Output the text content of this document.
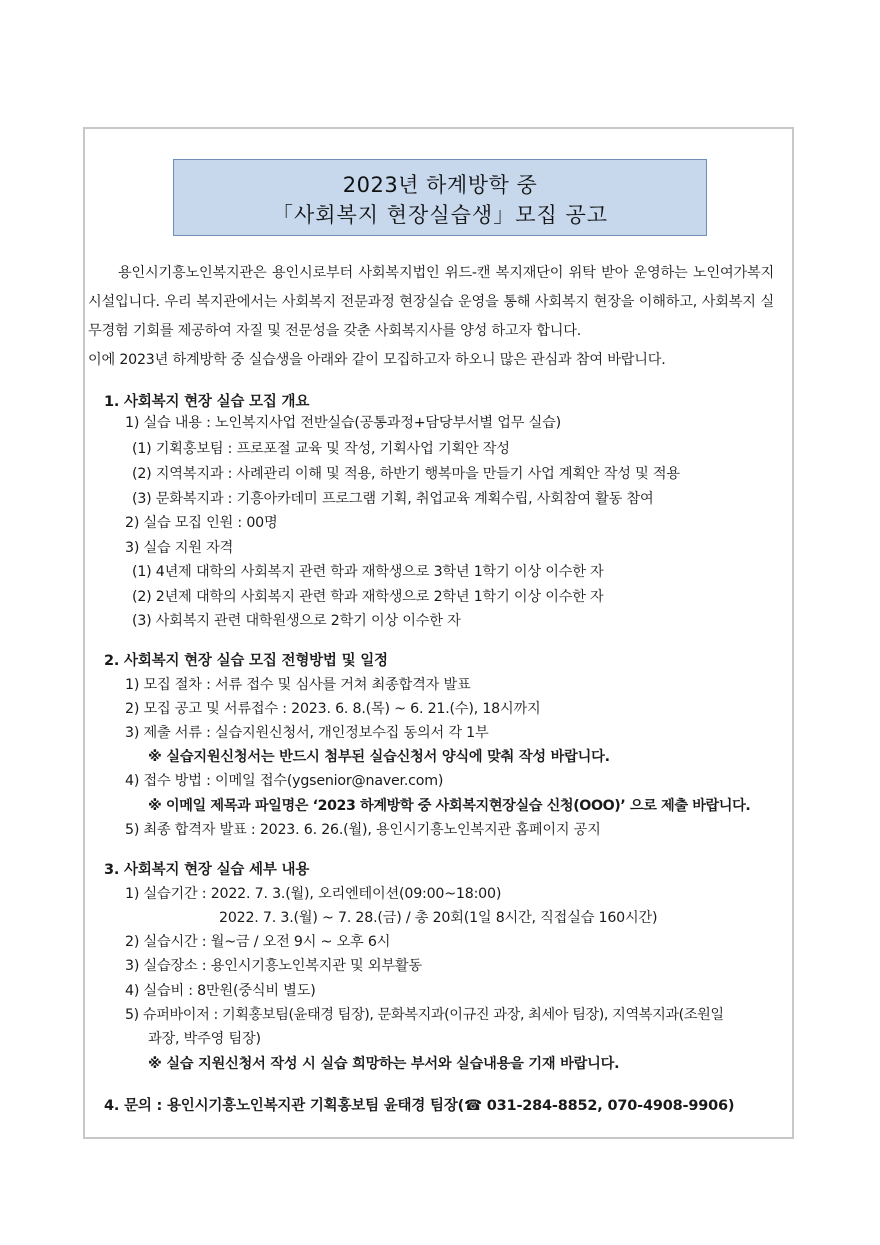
2023년 하계방학 중
「사회복지 현장실습생」모집 공고

용인시기흥노인복지관은 용인시로부터 사회복지법인 위드-캔 복지재단이 위탁 받아 운영하는 노인여가복지시설입니다. 우리 복지관에서는 사회복지 전문과정 현장실습 운영을 통해 사회복지 현장을 이해하고, 사회복지 실무경험 기회를 제공하여 자질 및 전문성을 갖춘 사회복지사를 양성 하고자 합니다.

이에 2023년 하계방학 중 실습생을 아래와 같이 모집하고자 하오니 많은 관심과 참여 바랍니다.

1. 사회복지 현장 실습 모집 개요
1) 실습 내용 : 노인복지사업 전반실습(공통과정+담당부서별 업무 실습)
(1) 기획홍보팀 : 프로포절 교육 및 작성, 기획사업 기획안 작성
(2) 지역복지과 : 사례관리 이해 및 적용, 하반기 행복마을 만들기 사업 계획안 작성 및 적용
(3) 문화복지과 : 기흥아카데미 프로그램 기획, 취업교육 계획수립, 사회참여 활동 참여
2) 실습 모집 인원 : 00명
3) 실습 지원 자격
(1) 4년제 대학의 사회복지 관련 학과 재학생으로 3학년 1학기 이상 이수한 자
(2) 2년제 대학의 사회복지 관련 학과 재학생으로 2학년 1학기 이상 이수한 자
(3) 사회복지 관련 대학원생으로 2학기 이상 이수한 자
2. 사회복지 현장 실습 모집 전형방법 및 일정
1) 모집 절차 : 서류 접수 및 심사를 거쳐 최종합격자 발표
2) 모집 공고 및 서류접수 : 2023. 6. 8.(목) ~ 6. 21.(수), 18시까지
3) 제출 서류 : 실습지원신청서, 개인정보수집 동의서 각 1부
※ 실습지원신청서는 반드시 첨부된 실습신청서 양식에 맞춰 작성 바랍니다.
4) 접수 방법 : 이메일 접수(ygsenior@naver.com)
※ 이메일 제목과 파일명은 ‘2023 하계방학 중 사회복지현장실습 신청(OOO)’ 으로 제출 바랍니다.
5) 최종 합격자 발표 : 2023. 6. 26.(월), 용인시기흥노인복지관 홈페이지 공지
3. 사회복지 현장 실습 세부 내용
1) 실습기간 : 2022. 7. 3.(월), 오리엔테이션(09:00~18:00)
2022. 7. 3.(월) ~ 7. 28.(금) / 총 20회(1일 8시간, 직접실습 160시간)
2) 실습시간 : 월~금 / 오전 9시 ~ 오후 6시
3) 실습장소 : 용인시기흥노인복지관 및 외부활동
4) 실습비 : 8만원(중식비 별도)
5) 슈퍼바이저 : 기획홍보팀(윤태경 팀장), 문화복지과(이규진 과장, 최세아 팀장), 지역복지과(조원일
과장, 박주영 팀장)
※ 실습 지원신청서 작성 시 실습 희망하는 부서와 실습내용을 기재 바랍니다.
4. 문의 : 용인시기흥노인복지관 기획홍보팀 윤태경 팀장(☎ 031-284-8852, 070-4908-9906)
